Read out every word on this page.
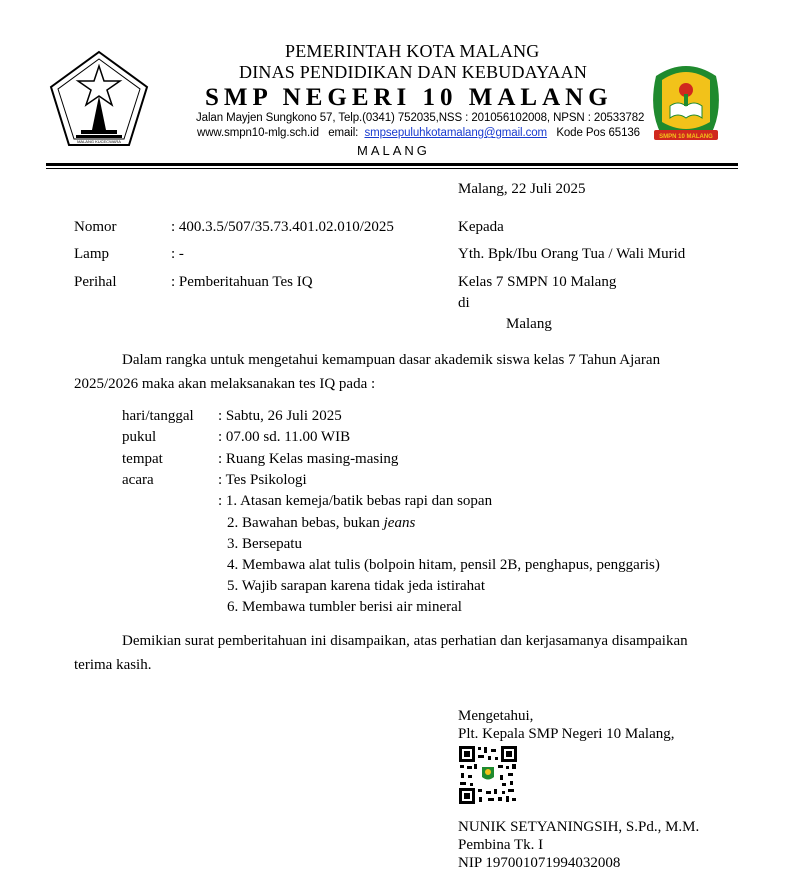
MALANG KUCECWARA
PEMERINTAH KOTA MALANG
DINAS PENDIDIKAN DAN KEBUDAYAAN
SMP NEGERI 10 MALANG
Jalan Mayjen Sungkono 57, Telp.(0341) 752035,NSS : 201056102008, NPSN : 20533782
www.smpn10-mlg.sch.id email: smpsepuluhkotamalang@gmail.com Kode Pos 65136
MALANG
SMPN 10 MALANG
Malang, 22 Juli 2025
Nomor	: 400.3.5/507/35.73.401.02.010/2025
Lamp	: -
Perihal	: Pemberitahuan Tes IQ
Kepada
Yth. Bpk/Ibu Orang Tua / Wali Murid
Kelas 7 SMPN 10 Malang
di
Malang
Dalam rangka untuk mengetahui kemampuan dasar akademik siswa kelas 7 Tahun Ajaran 2025/2026 maka akan melaksanakan tes IQ pada :
hari/tanggal : Sabtu, 26 Juli 2025
pukul	: 07.00 sd. 11.00 WIB
tempat	: Ruang Kelas masing-masing
acara	: Tes Psikologi
: 1. Atasan kemeja/batik bebas rapi dan sopan
2. Bawahan bebas, bukan jeans
3. Bersepatu
4. Membawa alat tulis (bolpoin hitam, pensil 2B, penghapus, penggaris)
5. Wajib sarapan karena tidak jeda istirahat
6. Membawa tumbler berisi air mineral
Demikian surat pemberitahuan ini disampaikan, atas perhatian dan kerjasamanya disampaikan terima kasih.
Mengetahui,
Plt. Kepala SMP Negeri 10 Malang,
NUNIK SETYANINGSIH, S.Pd., M.M.
Pembina Tk. I
NIP 197001071994032008
